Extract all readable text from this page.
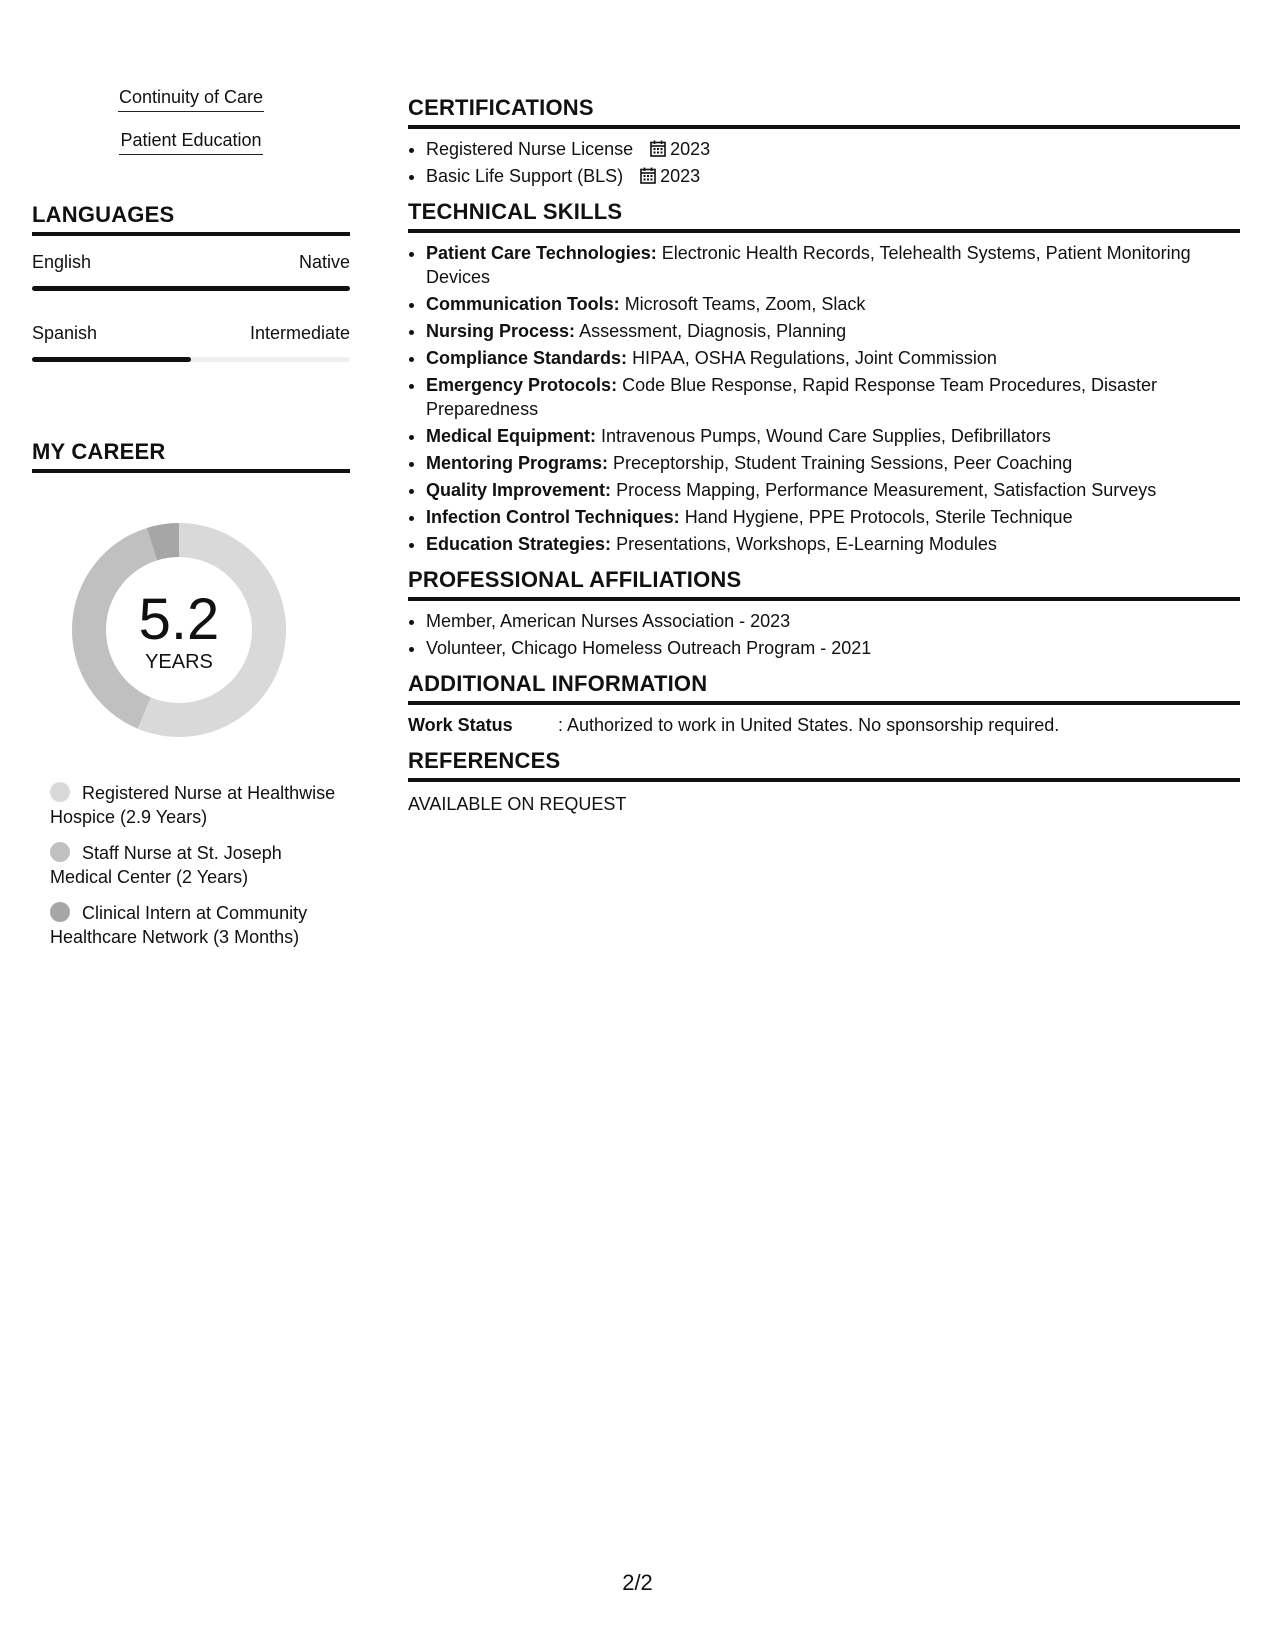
Continuity of Care
Patient Education
LANGUAGES
English	Native
Spanish	Intermediate
MY CAREER
5.2
YEARS
Registered Nurse at Healthwise Hospice (2.9 Years)
Staff Nurse at St. Joseph Medical Center (2 Years)
Clinical Intern at Community Healthcare Network (3 Months)
CERTIFICATIONS
• Registered Nurse License 2023
• Basic Life Support (BLS) 2023
TECHNICAL SKILLS
• Patient Care Technologies: Electronic Health Records, Telehealth Systems, Patient Monitoring Devices
• Communication Tools: Microsoft Teams, Zoom, Slack
• Nursing Process: Assessment, Diagnosis, Planning
• Compliance Standards: HIPAA, OSHA Regulations, Joint Commission
• Emergency Protocols: Code Blue Response, Rapid Response Team Procedures, Disaster Preparedness
• Medical Equipment: Intravenous Pumps, Wound Care Supplies, Defibrillators
• Mentoring Programs: Preceptorship, Student Training Sessions, Peer Coaching
• Quality Improvement: Process Mapping, Performance Measurement, Satisfaction Surveys
• Infection Control Techniques: Hand Hygiene, PPE Protocols, Sterile Technique
• Education Strategies: Presentations, Workshops, E-Learning Modules
PROFESSIONAL AFFILIATIONS
• Member, American Nurses Association - 2023
• Volunteer, Chicago Homeless Outreach Program - 2021
ADDITIONAL INFORMATION
Work Status	: Authorized to work in United States. No sponsorship required.
REFERENCES
AVAILABLE ON REQUEST
2/2
